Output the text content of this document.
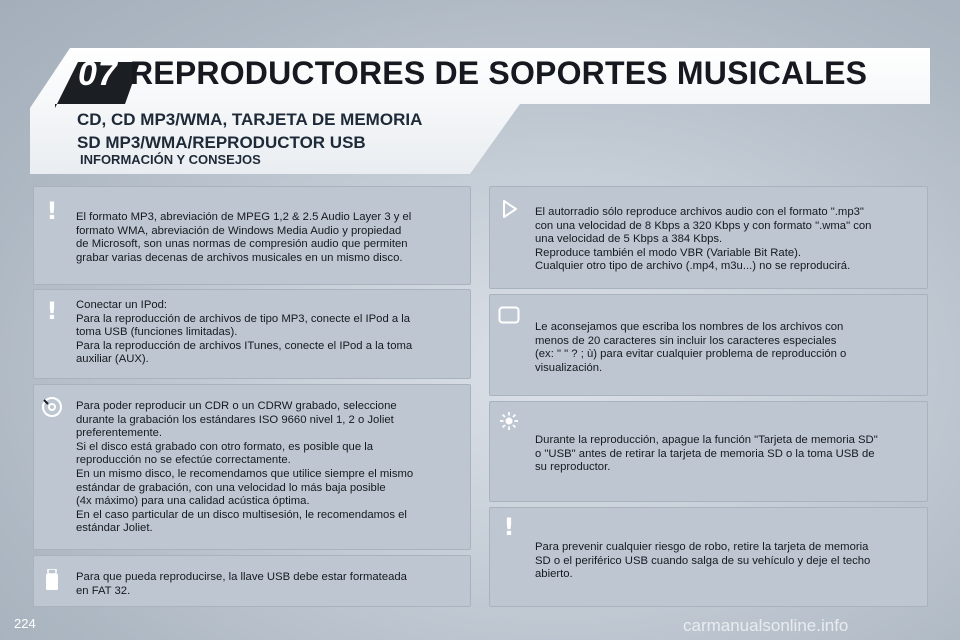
07 REPRODUCTORES DE SOPORTES MUSICALES
CD, CD MP3/WMA, TARJETA DE MEMORIA
SD MP3/WMA/REPRODUCTOR USB
INFORMACIÓN Y CONSEJOS
! El formato MP3, abreviación de MPEG 1,2 & 2.5 Audio Layer 3 y el
formato WMA, abreviación de Windows Media Audio y propiedad
de Microsoft, son unas normas de compresión audio que permiten
grabar varias decenas de archivos musicales en un mismo disco.
! Conectar un IPod:
Para la reproducción de archivos de tipo MP3, conecte el IPod a la
toma USB (funciones limitadas).
Para la reproducción de archivos ITunes, conecte el IPod a la toma
auxiliar (AUX).
Para poder reproducir un CDR o un CDRW grabado, seleccione
durante la grabación los estándares ISO 9660 nivel 1, 2 o Joliet
preferentemente.
Si el disco está grabado con otro formato, es posible que la
reproducción no se efectúe correctamente.
En un mismo disco, le recomendamos que utilice siempre el mismo
estándar de grabación, con una velocidad lo más baja posible
(4x máximo) para una calidad acústica óptima.
En el caso particular de un disco multisesión, le recomendamos el
estándar Joliet.
Para que pueda reproducirse, la llave USB debe estar formateada
en FAT 32.
El autorradio sólo reproduce archivos audio con el formato ".mp3"
con una velocidad de 8 Kbps a 320 Kbps y con formato ".wma" con
una velocidad de 5 Kbps a 384 Kbps.
Reproduce también el modo VBR (Variable Bit Rate).
Cualquier otro tipo de archivo (.mp4, m3u...) no se reproducirá.
Le aconsejamos que escriba los nombres de los archivos con
menos de 20 caracteres sin incluir los caracteres especiales
(ex: " " ? ; ù) para evitar cualquier problema de reproducción o
visualización.
Durante la reproducción, apague la función "Tarjeta de memoria SD"
o "USB" antes de retirar la tarjeta de memoria SD o la toma USB de
su reproductor.
!
Para prevenir cualquier riesgo de robo, retire la tarjeta de memoria
SD o el periférico USB cuando salga de su vehículo y deje el techo
abierto.
224	carmanualsonline.info
